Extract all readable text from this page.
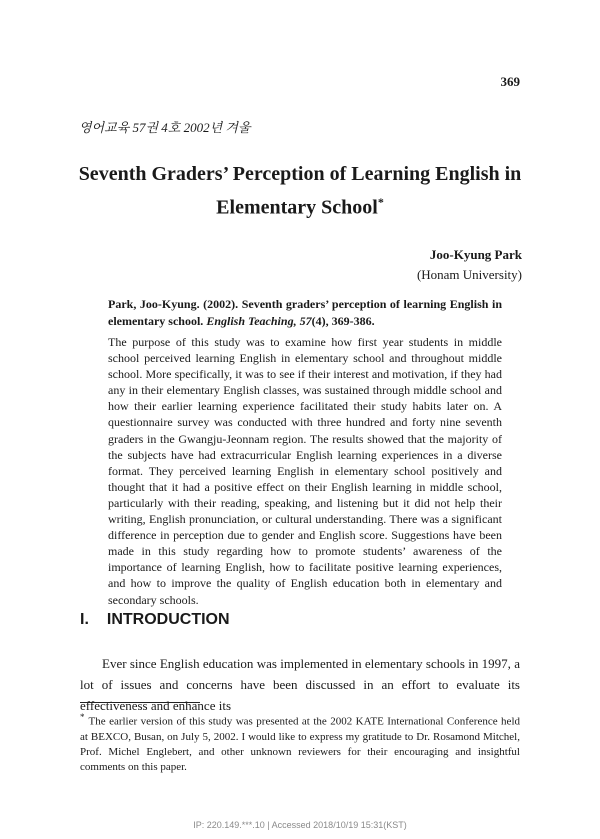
369
영어교육 57권 4호 2002년 겨울
Seventh Graders’ Perception of Learning English in
Elementary School*
Joo-Kyung Park
(Honam University)
Park, Joo-Kyung. (2002). Seventh graders’ perception of learning English in elementary school. English Teaching, 57(4), 369-386.

The purpose of this study was to examine how first year students in middle school perceived learning English in elementary school and throughout middle school. More specifically, it was to see if their interest and motivation, if they had any in their elementary English classes, was sustained through middle school and how their earlier learning experience facilitated their study habits later on. A questionnaire survey was conducted with three hundred and forty nine seventh graders in the Gwangju-Jeonnam region. The results showed that the majority of the subjects have had extracurricular English learning experiences in a diverse format. They perceived learning English in elementary school positively and thought that it had a positive effect on their English learning in middle school, particularly with their reading, speaking, and listening but it did not help their writing, English pronunciation, or cultural understanding. There was a significant difference in perception due to gender and English score. Suggestions have been made in this study regarding how to promote students’ awareness of the importance of learning English, how to facilitate positive learning experiences, and how to improve the quality of English education both in elementary and secondary schools.

I. INTRODUCTION

Ever since English education was implemented in elementary schools in 1997, a lot of issues and concerns have been discussed in an effort to evaluate its effectiveness and enhance its

* The earlier version of this study was presented at the 2002 KATE International Conference held at BEXCO, Busan, on July 5, 2002. I would like to express my gratitude to Dr. Rosamond Mitchel, Prof. Michel Englebert, and other unknown reviewers for their encouraging and insightful comments on this paper.

IP: 220.149.***.10 | Accessed 2018/10/19 15:31(KST)
